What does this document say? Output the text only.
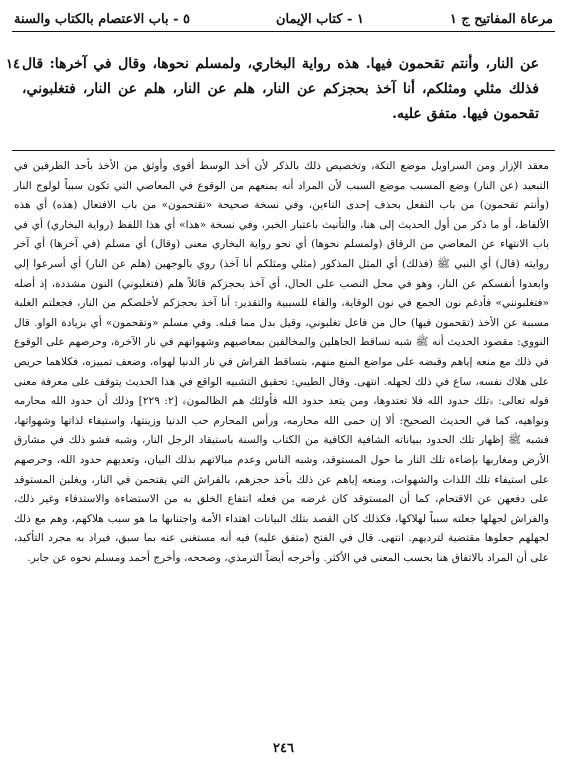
مرعاة المفاتيح ج ١
١ - كتاب الإيمان
٥ - باب الاعتصام بالكتاب والسنة
١٤ عن النار، وأنتم تقحمون فيها. هذه رواية البخاري، ولمسلم نحوها، وقال في آخرها: قال فذلك مثلي ومثلكم، أنا آخذ بحجزكم عن النار، هلم عن النار، هلم عن النار، فتغلبوني، تقحمون فيها. متفق عليه.

معقد الإزار ومن السراويل موضع التكة، وتخصيص ذلك بالذكر لأن أخذ الوسط أقوى وأوثق من الأخذ بأحد الطرفين في التبعيد (عن النار) وضع المسبب موضع السبب لأن المراد أنه يمنعهم من الوقوع في المعاصي التي تكون سبباً لولوج النار (وأنتم تقحمون) من باب التفعل بحذف إحدى التاءين، وفي نسخة صحيحة «تقتحمون» من باب الافتعال (هذه) أي هذه الألفاظ، أو ما ذكر من أول الحديث إلى هنا، والتأنيث باعتبار الخبر، وفي نسخة «هذا» أي هذا اللفظ (رواية البخاري) أي في باب الانتهاء عن المعاصي من الرقاق (ولمسلم نحوها) أي نحو رواية البخاري معنى (وقال) أي مسلم (في آخرها) أي آخر روايته (قال) أي النبي ﷺ (فذلك) أي المثل المذكور (مثلي ومثلكم أنا آخذ) روي بالوجهين (هلم عن النار) أي أسرعوا إلي وابعدوا أنفسكم عن النار، وهو في محل النصب على الحال، أي آخذ بحجزكم قائلاً هلم (فتغلبوني) النون مشددة، إذ أصله «فتغلبونني» فأدغم نون الجمع في نون الوقاية، والفاء للسببية والتقدير: أنا آخذ بحجزكم لأخلصكم من النار، فجعلتم الغلبة مسببة عن الأخذ (تقحمون فيها) حال من فاعل تغلبوني، وقيل بدل مما قبله. وفي مسلم «وتقحمون» أي بزيادة الواو. قال النووي: مقصود الحديث أنه ﷺ شبه تساقط الجاهلين والمخالفين بمعاصيهم وشهواتهم في نار الآخرة، وحرصهم على الوقوع في ذلك مع منعه إياهم وقبضه على مواضع المنع منهم، بتساقط الفراش في نار الدنيا لهواه، وضعف تمييزه، فكلاهما حريص على هلاك نفسه، ساع في ذلك لجهله. انتهى. وقال الطيبي: تحقيق التشبيه الواقع في هذا الحديث يتوقف على معرفة معنى قوله تعالى: ﴿تلك حدود الله فلا تعتدوها، ومن يتعد حدود الله فأولئك هم الظالمون﴾ [٢: ٢٢٩] وذلك أن حدود الله محارمه ونواهيه، كما في الحديث الصحيح: ألا إن حمى الله محارمه، ورأس المحارم حب الدنيا وزينتها، واستيفاء لذاتها وشهواتها، فشبه ﷺ إظهار تلك الحدود ببياناته الشافية الكافية من الكتاب والسنة باستيقاد الرجل النار، وشبه فشو ذلك في مشارق الأرض ومغاربها بإضاءة تلك النار ما حول المستوقد، وشبه الناس وعدم مبالاتهم بذلك البيان، وتعديهم حدود الله، وحرصهم على استيفاء تلك اللذات والشهوات، ومنعه إياهم عن ذلك بأخذ حجزهم، بالفراش التي يقتحمن في النار، ويغلبن المستوقد على دفعهن عن الاقتحام، كما أن المستوقد كان غرضه من فعله انتفاع الخلق به من الاستضاءة والاستدفاء وغير ذلك، والفراش لجهلها جعلته سبباً لهلاكها، فكذلك كان القصد بتلك البيانات اهتداء الأمة واجتنابها ما هو سبب هلاكهم، وهم مع ذلك لجهلهم جعلوها مقتضية لترديهم. انتهى. قال في الفتح (متفق عليه) فيه أنه مستغنى عنه بما سبق، فيراد به مجرد التأكيد، على أن المراد بالاتفاق هنا بحسب المعنى في الأكثر. وأخرجه أيضاً الترمذي، وصححه، وأخرج أحمد ومسلم نحوه عن جابر.

٢٤٦
